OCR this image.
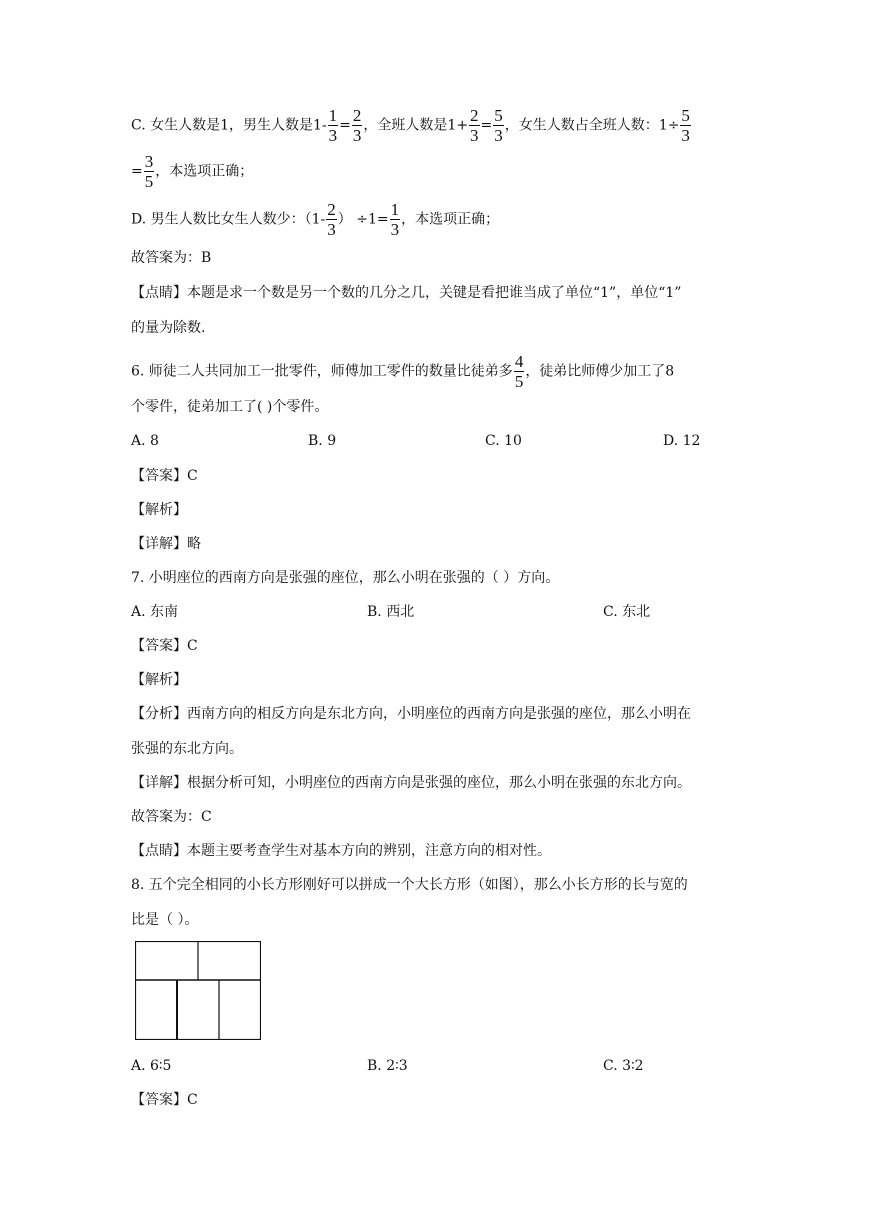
C. 女生人数是1，男生人数是$1- \frac{1}{3} = \frac{2}{3}$ ，全班人数是$1+ \frac{2}{3} = \frac{5}{3}$ ，女生人数占全班人数：$1\div \frac{5}{3}$
= $\frac{3}{5}$ ，本选项正确；
D. 男生人数比女生人数少：（$1- \frac{2}{3}$ ） $\div 1= \frac{1}{3}$ ，本选项正确；
故答案为：B
【点睛】本题是求一个数是另一个数的几分之几，关键是看把谁当成了单位“1”，单位“1”
的量为除数.
6. 师徒二人共同加工一批零件，师傅加工零件的数量比徒弟多 $\frac{4}{5}$ ，徒弟比师傅少加工了8
个零件，徒弟加工了( )个零件。
A. 8	B. 9	C. 10	D. 12
【答案】C
【解析】
【详解】略
7. 小明座位的西南方向是张强的座位，那么小明在张强的（ ）方向。
A. 东南	B. 西北	C. 东北
【答案】C
【解析】
【分析】西南方向的相反方向是东北方向，小明座位的西南方向是张强的座位，那么小明在
张强的东北方向。
【详解】根据分析可知，小明座位的西南方向是张强的座位，那么小明在张强的东北方向。
故答案为：C
【点睛】本题主要考查学生对基本方向的辨别，注意方向的相对性。
8. 五个完全相同的小长方形刚好可以拼成一个大长方形（如图），那么小长方形的长与宽的
比是（ ）。
A. 6∶5	B. 2∶3	C. 3∶2
【答案】C
